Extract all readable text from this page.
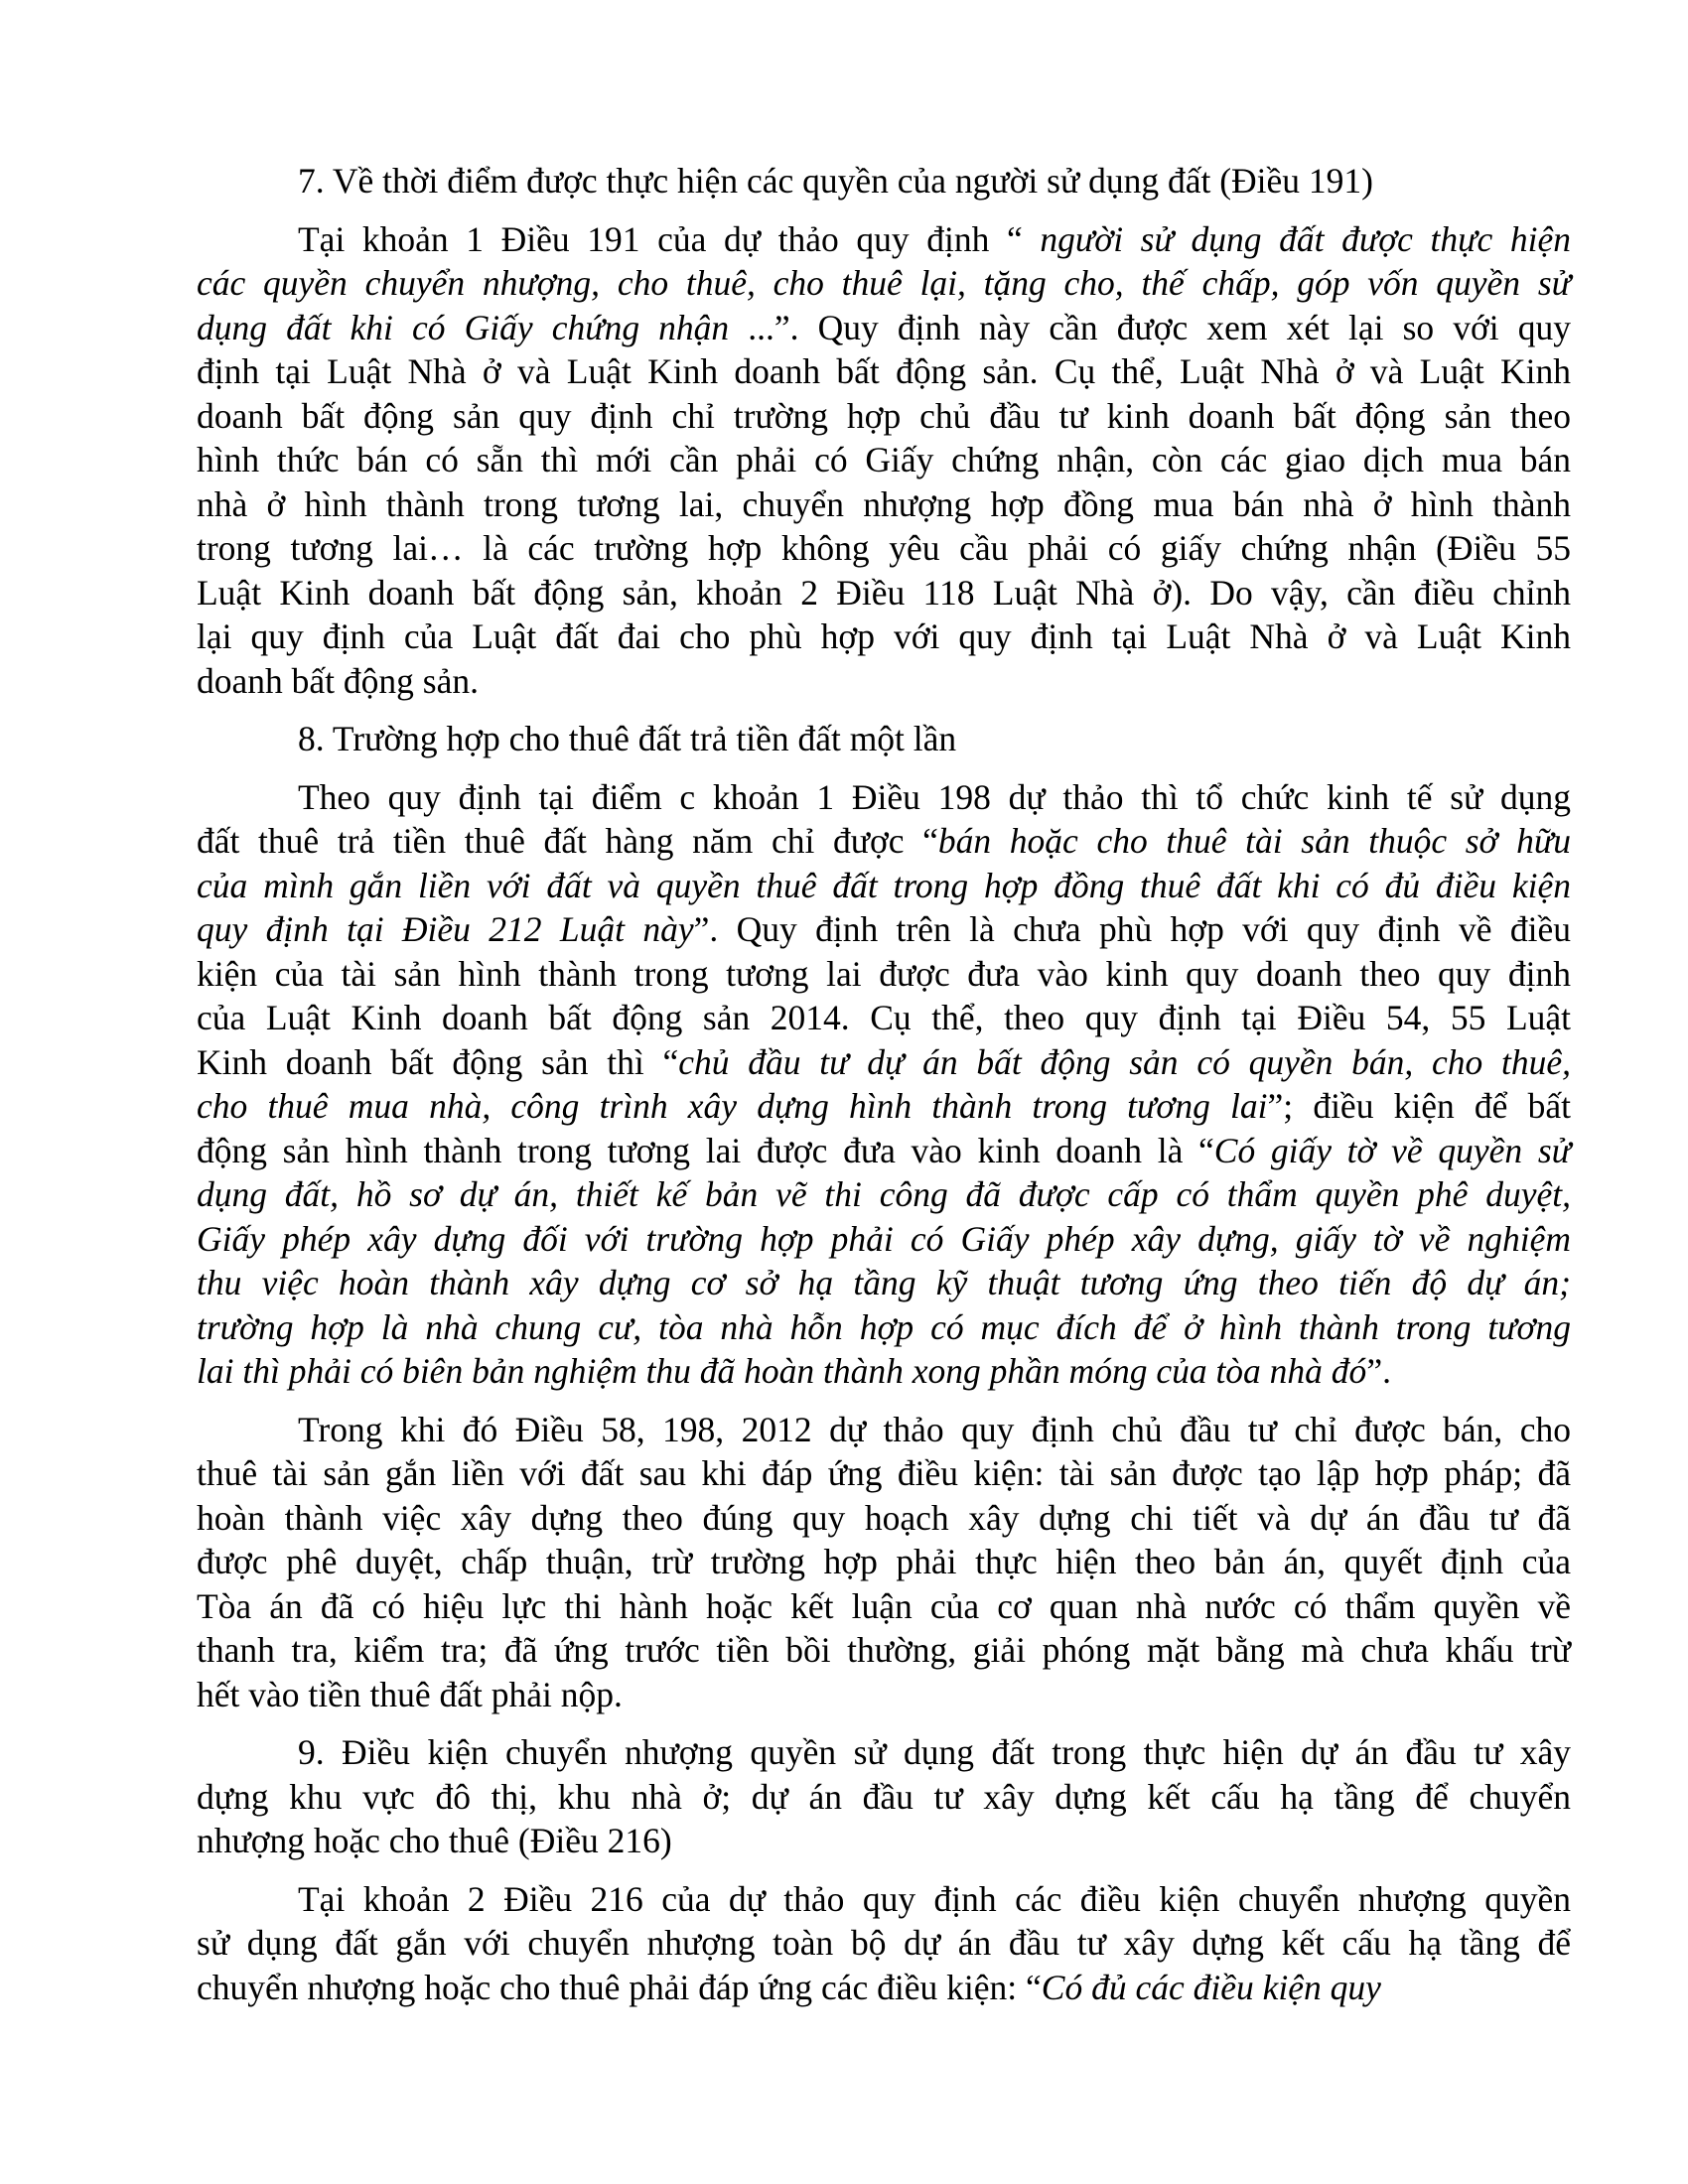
7. Về thời điểm được thực hiện các quyền của người sử dụng đất (Điều 191)
Tại khoản 1 Điều 191 của dự thảo quy định “ người sử dụng đất được thực hiện
các quyền chuyển nhượng, cho thuê, cho thuê lại, tặng cho, thế chấp, góp vốn quyền sử
dụng đất khi có Giấy chứng nhận ...”. Quy định này cần được xem xét lại so với quy
định tại Luật Nhà ở và Luật Kinh doanh bất động sản. Cụ thể, Luật Nhà ở và Luật Kinh
doanh bất động sản quy định chỉ trường hợp chủ đầu tư kinh doanh bất động sản theo
hình thức bán có sẵn thì mới cần phải có Giấy chứng nhận, còn các giao dịch mua bán
nhà ở hình thành trong tương lai, chuyển nhượng hợp đồng mua bán nhà ở hình thành
trong tương lai… là các trường hợp không yêu cầu phải có giấy chứng nhận (Điều 55
Luật Kinh doanh bất động sản, khoản 2 Điều 118 Luật Nhà ở). Do vậy, cần điều chỉnh
lại quy định của Luật đất đai cho phù hợp với quy định tại Luật Nhà ở và Luật Kinh
doanh bất động sản.
8. Trường hợp cho thuê đất trả tiền đất một lần
Theo quy định tại điểm c khoản 1 Điều 198 dự thảo thì tổ chức kinh tế sử dụng
đất thuê trả tiền thuê đất hàng năm chỉ được “bán hoặc cho thuê tài sản thuộc sở hữu
của mình gắn liền với đất và quyền thuê đất trong hợp đồng thuê đất khi có đủ điều kiện
quy định tại Điều 212 Luật này”. Quy định trên là chưa phù hợp với quy định về điều
kiện của tài sản hình thành trong tương lai được đưa vào kinh quy doanh theo quy định
của Luật Kinh doanh bất động sản 2014. Cụ thể, theo quy định tại Điều 54, 55 Luật
Kinh doanh bất động sản thì “chủ đầu tư dự án bất động sản có quyền bán, cho thuê,
cho thuê mua nhà, công trình xây dựng hình thành trong tương lai”; điều kiện để bất
động sản hình thành trong tương lai được đưa vào kinh doanh là “Có giấy tờ về quyền sử
dụng đất, hồ sơ dự án, thiết kế bản vẽ thi công đã được cấp có thẩm quyền phê duyệt,
Giấy phép xây dựng đối với trường hợp phải có Giấy phép xây dựng, giấy tờ về nghiệm
thu việc hoàn thành xây dựng cơ sở hạ tầng kỹ thuật tương ứng theo tiến độ dự án;
trường hợp là nhà chung cư, tòa nhà hỗn hợp có mục đích để ở hình thành trong tương
lai thì phải có biên bản nghiệm thu đã hoàn thành xong phần móng của tòa nhà đó”.
Trong khi đó Điều 58, 198, 2012 dự thảo quy định chủ đầu tư chỉ được bán, cho
thuê tài sản gắn liền với đất sau khi đáp ứng điều kiện: tài sản được tạo lập hợp pháp; đã
hoàn thành việc xây dựng theo đúng quy hoạch xây dựng chi tiết và dự án đầu tư đã
được phê duyệt, chấp thuận, trừ trường hợp phải thực hiện theo bản án, quyết định của
Tòa án đã có hiệu lực thi hành hoặc kết luận của cơ quan nhà nước có thẩm quyền về
thanh tra, kiểm tra; đã ứng trước tiền bồi thường, giải phóng mặt bằng mà chưa khấu trừ
hết vào tiền thuê đất phải nộp.
9. Điều kiện chuyển nhượng quyền sử dụng đất trong thực hiện dự án đầu tư xây
dựng khu vực đô thị, khu nhà ở; dự án đầu tư xây dựng kết cấu hạ tầng để chuyển
nhượng hoặc cho thuê (Điều 216)
Tại khoản 2 Điều 216 của dự thảo quy định các điều kiện chuyển nhượng quyền
sử dụng đất gắn với chuyển nhượng toàn bộ dự án đầu tư xây dựng kết cấu hạ tầng để
chuyển nhượng hoặc cho thuê phải đáp ứng các điều kiện: “Có đủ các điều kiện quy
